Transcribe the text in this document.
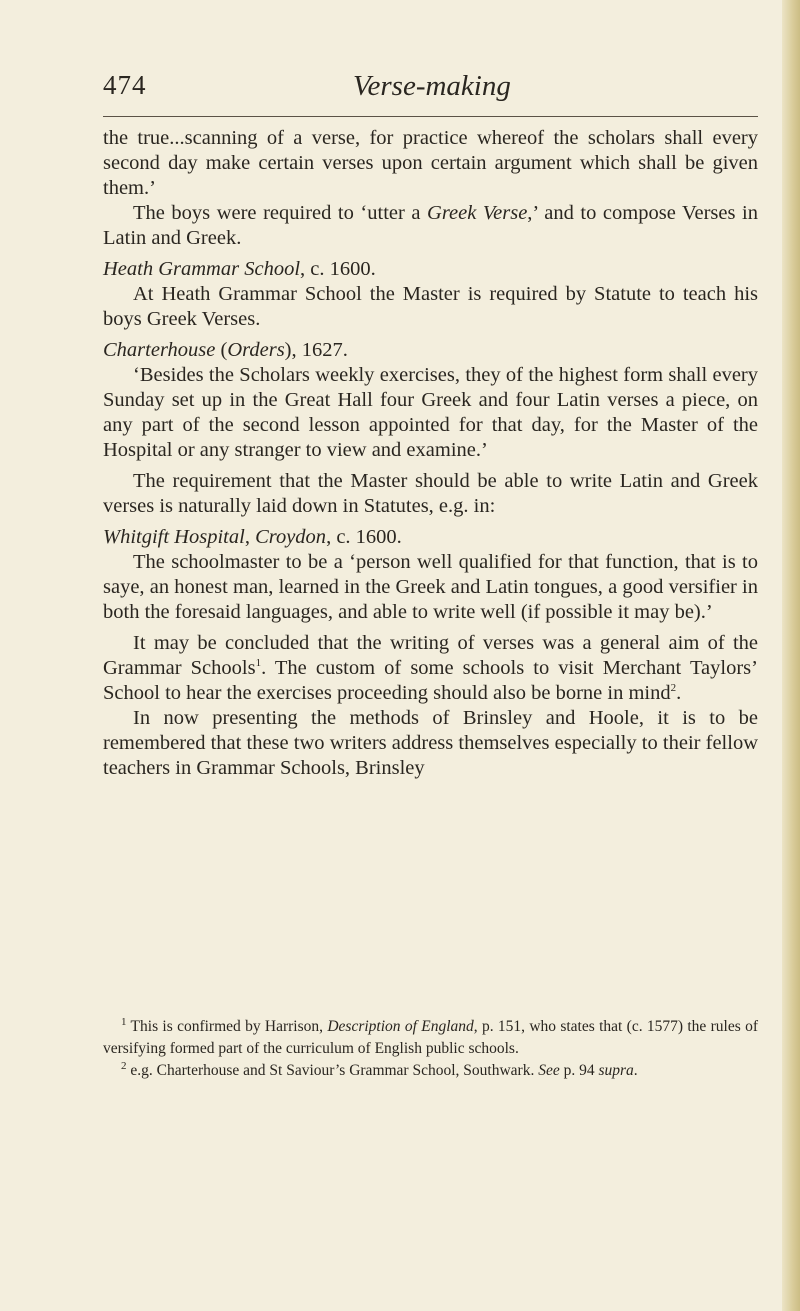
474	Verse-making

the true...scanning of a verse, for practice whereof the scholars shall every second day make certain verses upon certain argument which shall be given them.’

The boys were required to ‘utter a Greek Verse,’ and to compose Verses in Latin and Greek.

Heath Grammar School, c. 1600.

At Heath Grammar School the Master is required by Statute to teach his boys Greek Verses.

Charterhouse (Orders), 1627.

‘Besides the Scholars weekly exercises, they of the highest form shall every Sunday set up in the Great Hall four Greek and four Latin verses a piece, on any part of the second lesson appointed for that day, for the Master of the Hospital or any stranger to view and examine.’

The requirement that the Master should be able to write Latin and Greek verses is naturally laid down in Statutes, e.g. in:

Whitgift Hospital, Croydon, c. 1600.

The schoolmaster to be a ‘person well qualified for that function, that is to saye, an honest man, learned in the Greek and Latin tongues, a good versifier in both the foresaid languages, and able to write well (if possible it may be).’

It may be concluded that the writing of verses was a general aim of the Grammar Schools$^1$. The custom of some schools to visit Merchant Taylors’ School to hear the exercises proceeding should also be borne in mind$^2$.

In now presenting the methods of Brinsley and Hoole, it is to be remembered that these two writers address themselves especially to their fellow teachers in Grammar Schools, Brinsley

$^1$ This is confirmed by Harrison, Description of England, p. 151, who states that (c. 1577) the rules of versifying formed part of the curriculum of English public schools.

$^2$ e.g. Charterhouse and St Saviour’s Grammar School, Southwark. See p. 94 supra.
